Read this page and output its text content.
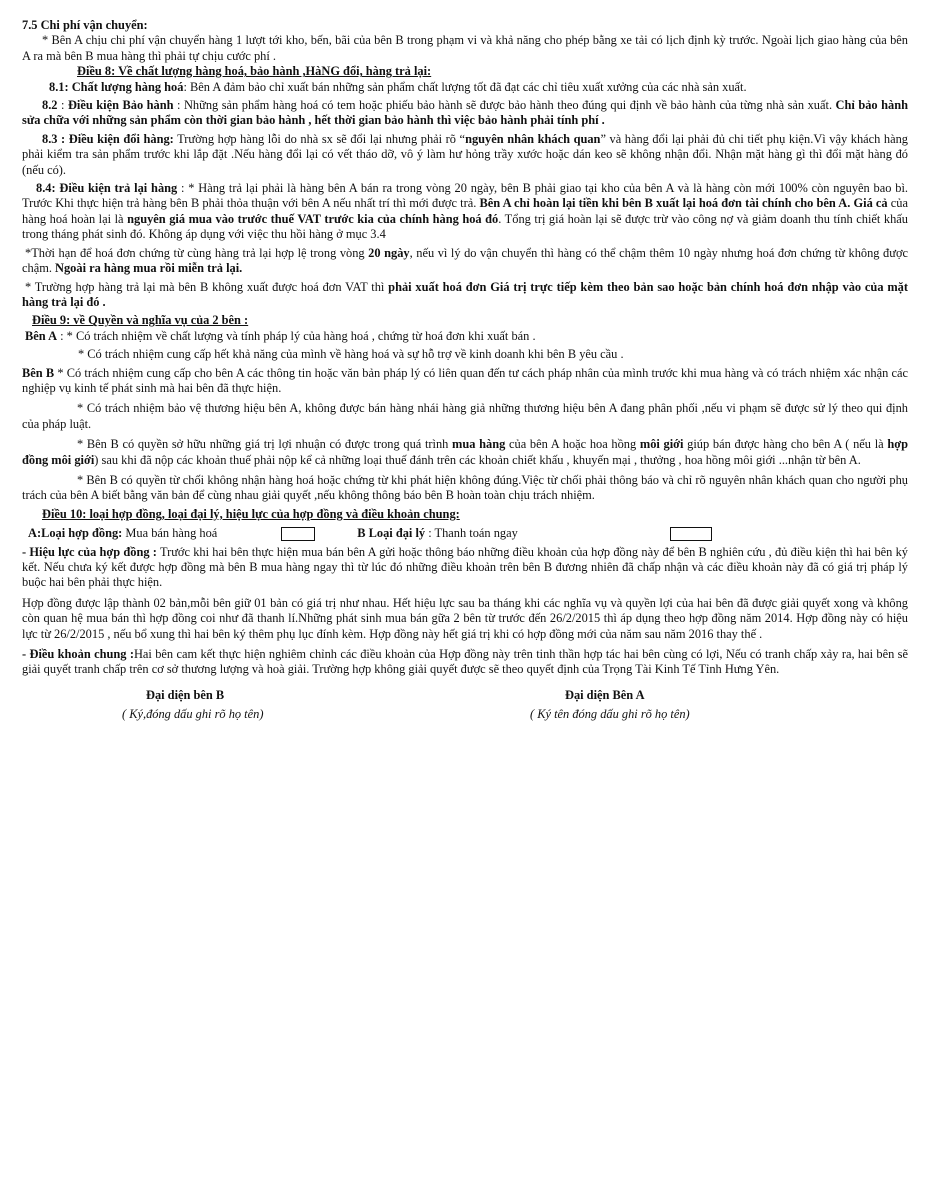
7.5 Chi phí vận chuyển:

* Bên A chịu chi phí vận chuyển hàng 1 lượt tới kho, bến, bãi của bên B trong phạm vi và khả năng cho phép bằng xe tải có lịch định kỳ trước. Ngoài lịch giao hàng của bên A ra mà bên B mua hàng thì phải tự chịu cước phí .

Điều 8: Về chất lượng hàng hoá, bảo hành ,HàNG đổi, hàng trả lại:

8.1: Chất lượng hàng hoá: Bên A đảm bảo chỉ xuất bán những sản phẩm chất lượng tốt đã đạt các chỉ tiêu xuất xưởng của các nhà sản xuất.

8.2 : Điều kiện Bảo hành : Những sản phẩm hàng hoá có tem hoặc phiếu bảo hành sẽ được bảo hành theo đúng qui định về bảo hành của từng nhà sản xuất. Chỉ bảo hành sửa chữa với những sản phẩm còn thời gian bảo hành , hết thời gian bảo hành thì việc bảo hành phải tính phí .

8.3 : Điều kiện đổi hàng: Trường hợp hàng lỗi do nhà sx sẽ đổi lại nhưng phải rõ “nguyên nhân khách quan” và hàng đổi lại phải đủ chi tiết phụ kiện.Vì vậy khách hàng phải kiểm tra sản phẩm trước khi lắp đặt .Nếu hàng đổi lại có vết tháo dỡ, vô ý làm hư hỏng trầy xước hoặc dán keo sẽ không nhận đổi. Nhận mặt hàng gì thì đổi mặt hàng đó (nếu có).

8.4: Điều kiện trả lại hàng : * Hàng trả lại phải là hàng bên A bán ra trong vòng 20 ngày, bên B phải giao tại kho của bên A và là hàng còn mới 100% còn nguyên bao bì. Trước Khi thực hiện trả hàng bên B phải thỏa thuận với bên A nếu nhất trí thì mới được trả. Bên A chỉ hoàn lại tiền khi bên B xuất lại hoá đơn tài chính cho bên A. Giá cả của hàng hoá hoàn lại là nguyên giá mua vào trước thuế VAT trước kia của chính hàng hoá đó. Tổng trị giá hoàn lại sẽ được trừ vào công nợ và giảm doanh thu tính chiết khấu trong tháng phát sinh đó. Không áp dụng với việc thu hồi hàng ở mục 3.4

*Thời hạn để hoá đơn chứng từ cùng hàng trả lại hợp lệ trong vòng 20 ngày, nếu vì lý do vận chuyển thì hàng có thể chậm thêm 10 ngày nhưng hoá đơn chứng từ không được chậm. Ngoài ra hàng mua rồi miễn trả lại.

* Trường hợp hàng trả lại mà bên B không xuất được hoá đơn VAT thì phải xuất hoá đơn Giá trị trực tiếp kèm theo bản sao hoặc bản chính hoá đơn nhập vào của mặt hàng trả lại đó .

Điều 9: về Quyền và nghĩa vụ của 2 bên :

Bên A : * Có trách nhiệm về chất lượng và tính pháp lý của hàng hoá , chứng từ hoá đơn khi xuất bán .

* Có trách nhiệm cung cấp hết khả năng của mình về hàng hoá và sự hỗ trợ về kinh doanh khi bên B yêu cầu .

Bên B * Có trách nhiệm cung cấp cho bên A các thông tin hoặc văn bản pháp lý có liên quan đến tư cách pháp nhân của mình trước khi mua hàng và có trách nhiệm xác nhận các nghiệp vụ kinh tế phát sinh mà hai bên đã thực hiện.

* Có trách nhiệm bảo vệ thương hiệu bên A, không được bán hàng nhái hàng giả những thương hiệu bên A đang phân phối ,nếu vi phạm sẽ được sử lý theo qui định của pháp luật.

* Bên B có quyền sở hữu những giá trị lợi nhuận có được trong quá trình mua hàng của bên A hoặc hoa hồng môi giới giúp bán được hàng cho bên A ( nếu là hợp đồng môi giới) sau khi đã nộp các khoản thuế phải nộp kể cả những loại thuế đánh trên các khoản chiết khấu , khuyến mại , thưởng , hoa hồng môi giới ...nhận từ bên A.

* Bên B có quyền từ chối không nhận hàng hoá hoặc chứng từ khi phát hiện không đúng.Việc từ chối phải thông báo và chỉ rõ nguyên nhân khách quan cho người phụ trách của bên A biết bằng văn bản để cùng nhau giải quyết ,nếu không thông báo bên B hoàn toàn chịu trách nhiệm.

Điều 10: loại hợp đồng, loại đại lý, hiệu lực của hợp đồng và điều khoản chung:

A:Loại hợp đồng: Mua bán hàng hoá	B Loại đại lý : Thanh toán ngay

- Hiệu lực của hợp đồng : Trước khi hai bên thực hiện mua bán bên A gửi hoặc thông báo những điều khoản của hợp đồng này để bên B nghiên cứu , đủ điều kiện thì hai bên ký kết. Nếu chưa ký kết được hợp đồng mà bên B mua hàng ngay thì từ lúc đó những điều khoản trên bên B đương nhiên đã chấp nhận và các điều khoản này đã có giá trị pháp lý buộc hai bên phải thực hiện.

Hợp đồng được lập thành 02 bản,mỗi bên giữ 01 bản có giá trị như nhau. Hết hiệu lực sau ba tháng khi các nghĩa vụ và quyền lợi của hai bên đã được giải quyết xong và không còn quan hệ mua bán thì hợp đồng coi như đã thanh lí.Những phát sinh mua bán gữa 2 bên từ trước đến 26/2/2015 thì áp dụng theo hợp đồng năm 2014. Hợp đồng này có hiệu lực từ 26/2/2015 , nếu bổ xung thì hai bên ký thêm phụ lục đính kèm. Hợp đồng này hết giá trị khi có hợp đồng mới của năm sau năm 2016 thay thế .

- Điều khoản chung :Hai bên cam kết thực hiện nghiêm chỉnh các điều khoản của Hợp đồng này trên tinh thần hợp tác hai bên cùng có lợi, Nếu có tranh chấp xảy ra, hai bên sẽ giải quyết tranh chấp trên cơ sở thương lượng và hoà giải. Trường hợp không giải quyết được sẽ theo quyết định của Trọng Tài Kinh Tế Tỉnh Hưng Yên.

Đại diện bên B
( Ký,đóng dấu ghi rõ họ tên)
Đại diện Bên A
( Ký tên đóng dấu ghi rõ họ tên)
